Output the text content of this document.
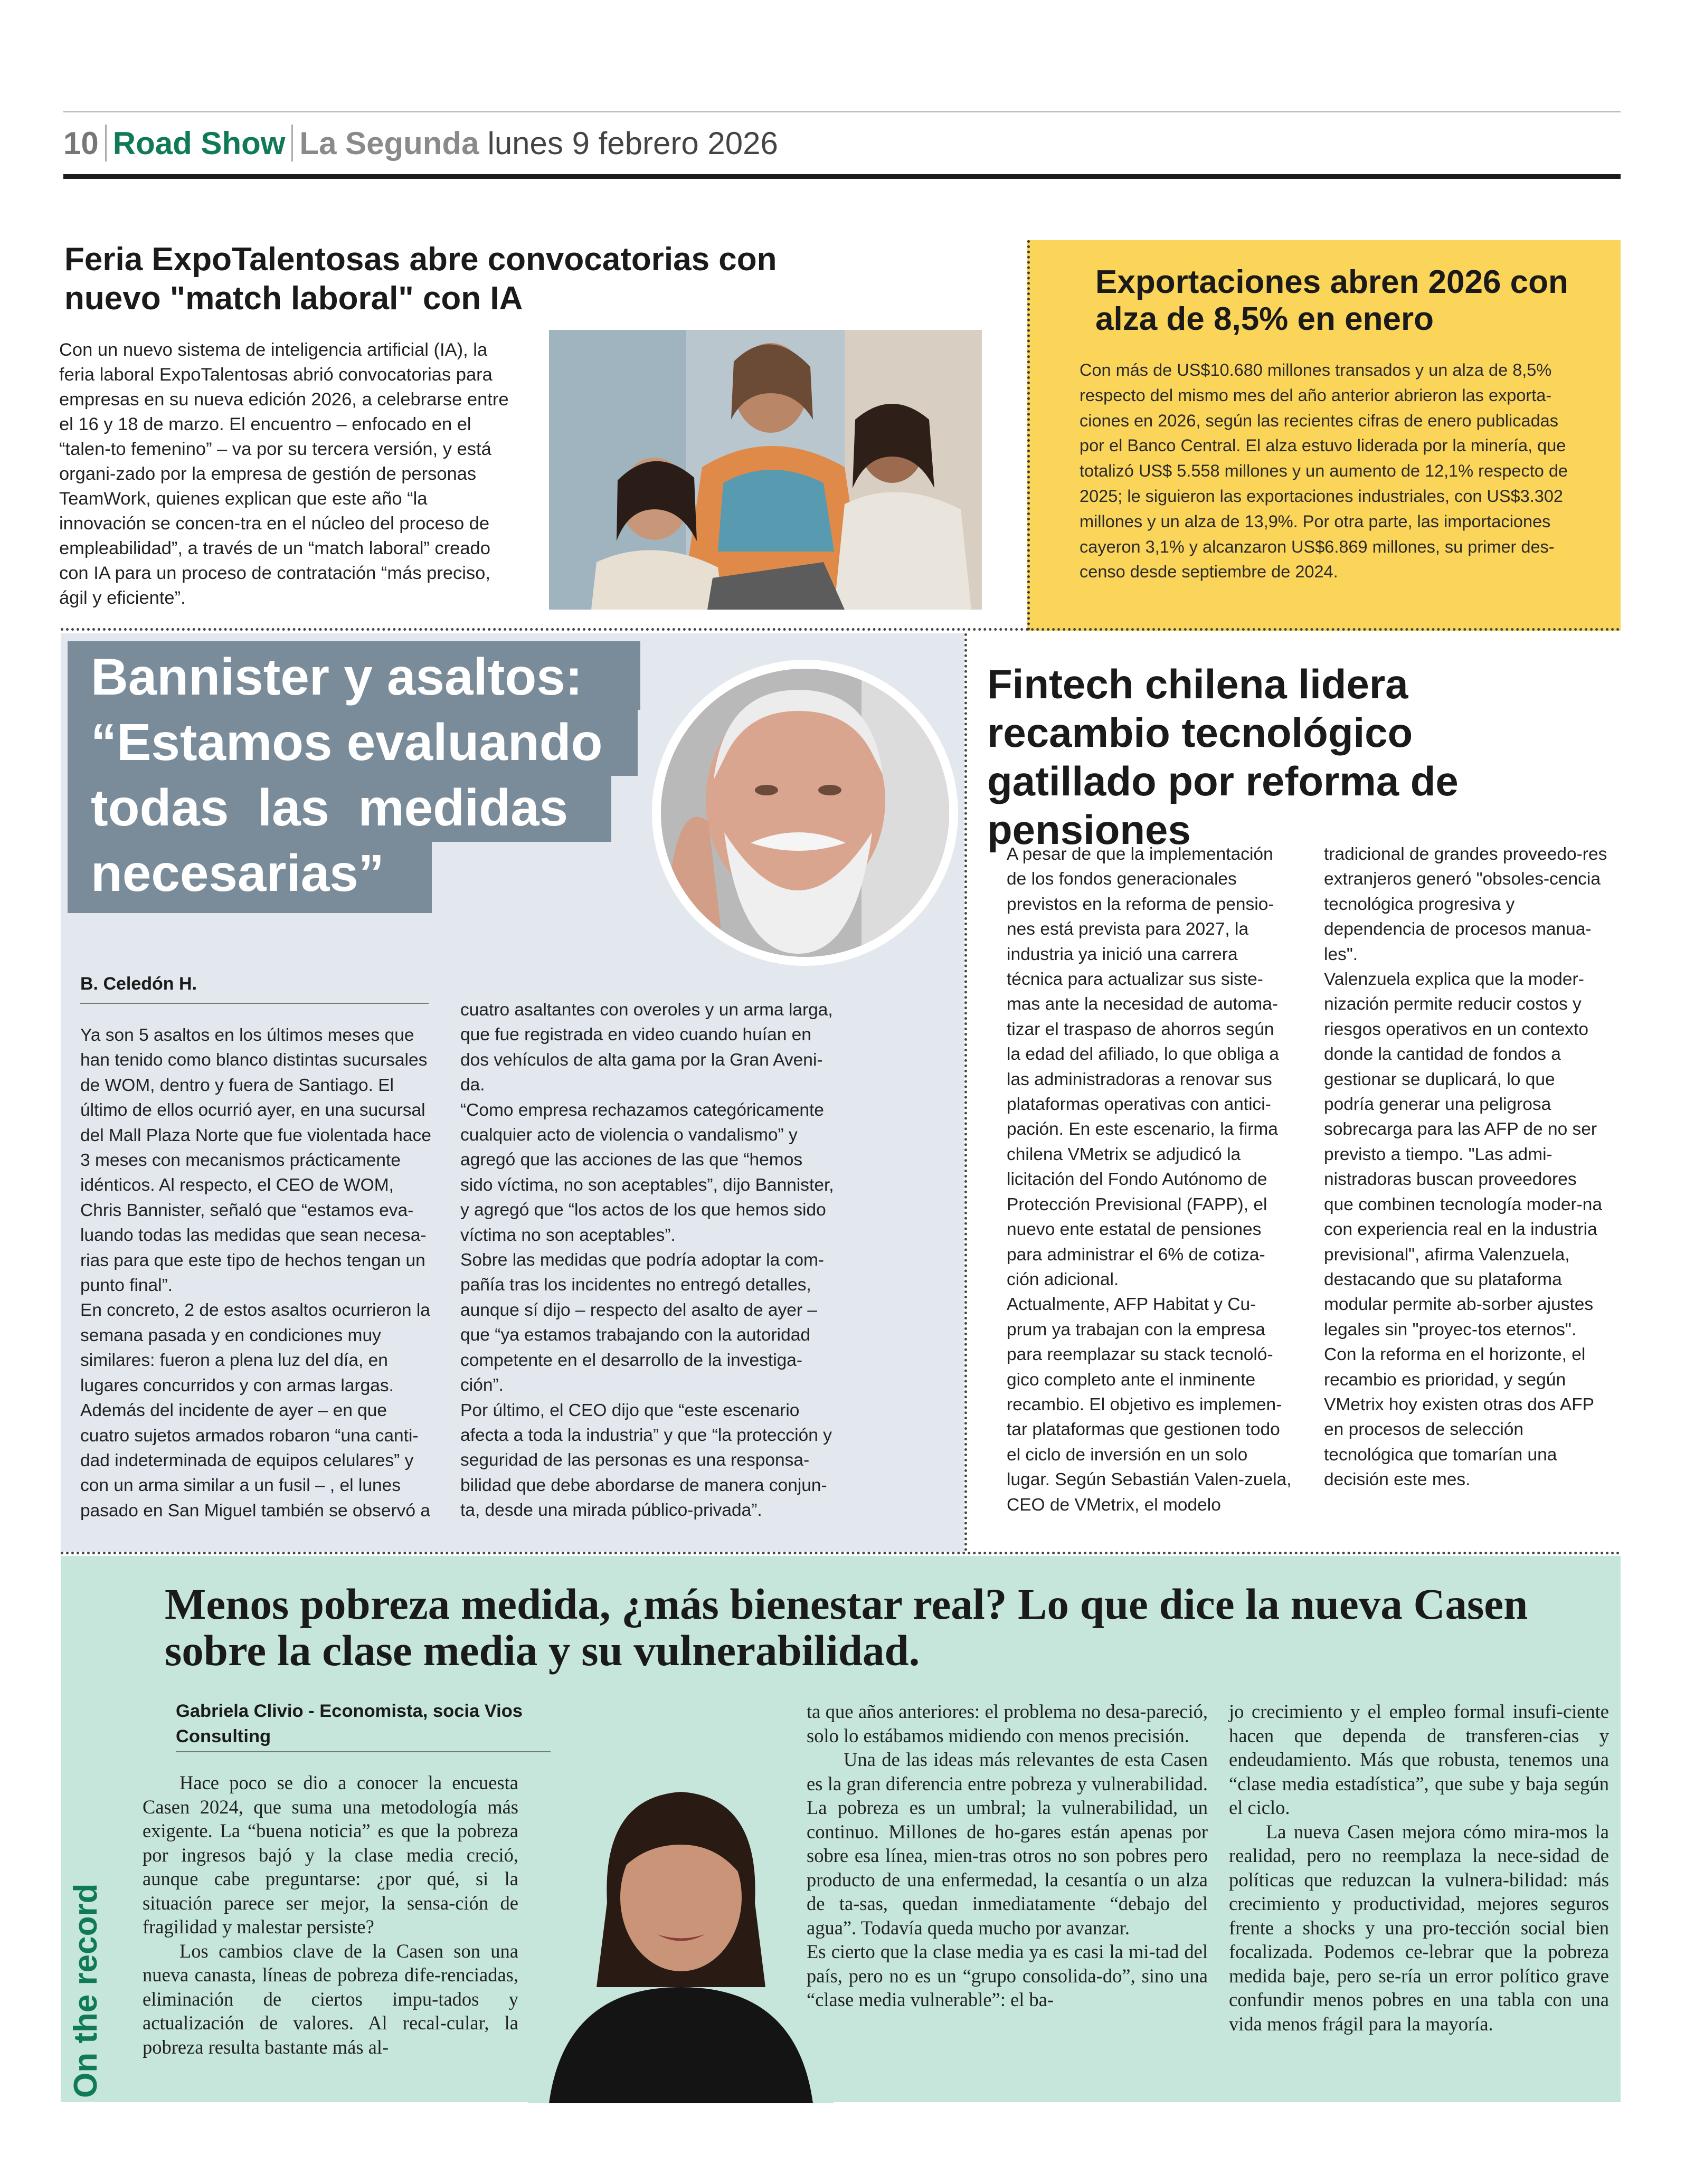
10 Road Show La Segunda lunes 9 febrero 2026
Feria ExpoTalentosas abre convocatorias con nuevo "match laboral" con IA

Con un nuevo sistema de inteligencia artificial (IA), la feria laboral ExpoTalentosas abrió convocatorias para empresas en su nueva edición 2026, a celebrarse entre el 16 y 18 de marzo. El encuentro – enfocado en el “talen-to femenino” – va por su tercera versión, y está organi-zado por la empresa de gestión de personas TeamWork, quienes explican que este año “la innovación se concen-tra en el núcleo del proceso de empleabilidad”, a través de un “match laboral” creado con IA para un proceso de contratación “más preciso, ágil y eficiente”.

Exportaciones abren 2026 con alza de 8,5% en enero

Con más de US$10.680 millones transados y un alza de 8,5% respecto del mismo mes del año anterior abrieron las exporta-ciones en 2026, según las recientes cifras de enero publicadas por el Banco Central. El alza estuvo liderada por la minería, que totalizó US$ 5.558 millones y un aumento de 12,1% respecto de 2025; le siguieron las exportaciones industriales, con US$3.302 millones y un alza de 13,9%. Por otra parte, las importaciones cayeron 3,1% y alcanzaron US$6.869 millones, su primer des-censo desde septiembre de 2024.

Bannister y asaltos:
“Estamos evaluando
todas  las  medidas
necesarias”
B. Celedón H.

Ya son 5 asaltos en los últimos meses que han tenido como blanco distintas sucursales de WOM, dentro y fuera de Santiago. El último de ellos ocurrió ayer, en una sucursal del Mall Plaza Norte que fue violentada hace 3 meses con mecanismos prácticamente idénticos. Al respecto, el CEO de WOM, Chris Bannister, señaló que “estamos eva-luando todas las medidas que sean necesa-rias para que este tipo de hechos tengan un punto final”.

En concreto, 2 de estos asaltos ocurrieron la semana pasada y en condiciones muy similares: fueron a plena luz del día, en lugares concurridos y con armas largas. Además del incidente de ayer – en que cuatro sujetos armados robaron “una canti-dad indeterminada de equipos celulares” y con un arma similar a un fusil – , el lunes pasado en San Miguel también se observó a

cuatro asaltantes con overoles y un arma larga, que fue registrada en video cuando huían en dos vehículos de alta gama por la Gran Aveni-da.

“Como empresa rechazamos categóricamente cualquier acto de violencia o vandalismo” y agregó que las acciones de las que “hemos sido víctima, no son aceptables”, dijo Bannister, y agregó que “los actos de los que hemos sido víctima no son aceptables”.

Sobre las medidas que podría adoptar la com-pañía tras los incidentes no entregó detalles, aunque sí dijo – respecto del asalto de ayer – que “ya estamos trabajando con la autoridad competente en el desarrollo de la investiga-ción”.

Por último, el CEO dijo que “este escenario afecta a toda la industria” y que “la protección y seguridad de las personas es una responsa-bilidad que debe abordarse de manera conjun-ta, desde una mirada público-privada”.

Fintech chilena lidera recambio tecnológico gatillado por reforma de pensiones

A pesar de que la implementación de los fondos generacionales previstos en la reforma de pensio-nes está prevista para 2027, la industria ya inició una carrera técnica para actualizar sus siste-mas ante la necesidad de automa-tizar el traspaso de ahorros según la edad del afiliado, lo que obliga a las administradoras a renovar sus plataformas operativas con antici-pación. En este escenario, la firma chilena VMetrix se adjudicó la licitación del Fondo Autónomo de Protección Previsional (FAPP), el nuevo ente estatal de pensiones para administrar el 6% de cotiza-ción adicional.

Actualmente, AFP Habitat y Cu-prum ya trabajan con la empresa para reemplazar su stack tecnoló-gico completo ante el inminente recambio. El objetivo es implemen-tar plataformas que gestionen todo el ciclo de inversión en un solo lugar. Según Sebastián Valen-zuela, CEO de VMetrix, el modelo

tradicional de grandes proveedo-res extranjeros generó "obsoles-cencia tecnológica progresiva y dependencia de procesos manua-les".

Valenzuela explica que la moder-nización permite reducir costos y riesgos operativos en un contexto donde la cantidad de fondos a gestionar se duplicará, lo que podría generar una peligrosa sobrecarga para las AFP de no ser previsto a tiempo. "Las admi-nistradoras buscan proveedores que combinen tecnología moder-na con experiencia real en la industria previsional", afirma Valenzuela, destacando que su plataforma modular permite ab-sorber ajustes legales sin "proyec-tos eternos".

Con la reforma en el horizonte, el recambio es prioridad, y según VMetrix hoy existen otras dos AFP en procesos de selección tecnológica que tomarían una decisión este mes.

On the record
Menos pobreza medida, ¿más bienestar real? Lo que dice la nueva Casen sobre la clase media y su vulnerabilidad.
Gabriela Clivio - Economista, socia Vios Consulting

Hace poco se dio a conocer la encuesta Casen 2024, que suma una metodología más exigente. La “buena noticia” es que la pobreza por ingresos bajó y la clase media creció, aunque cabe preguntarse: ¿por qué, si la situación parece ser mejor, la sensa-ción de fragilidad y malestar persiste?

Los cambios clave de la Casen son una nueva canasta, líneas de pobreza dife-renciadas, eliminación de ciertos impu-tados y actualización de valores. Al recal-cular, la pobreza resulta bastante más al-

ta que años anteriores: el problema no desa-pareció, solo lo estábamos midiendo con menos precisión.

Una de las ideas más relevantes de esta Casen es la gran diferencia entre pobreza y vulnerabilidad. La pobreza es un umbral; la vulnerabilidad, un continuo. Millones de ho-gares están apenas por sobre esa línea, mien-tras otros no son pobres pero producto de una enfermedad, la cesantía o un alza de ta-sas, quedan inmediatamente “debajo del agua”. Todavía queda mucho por avanzar.

Es cierto que la clase media ya es casi la mi-tad del país, pero no es un “grupo consolida-do”, sino una “clase media vulnerable”: el ba-

jo crecimiento y el empleo formal insufi-ciente hacen que dependa de transferen-cias y endeudamiento. Más que robusta, tenemos una “clase media estadística”, que sube y baja según el ciclo.

La nueva Casen mejora cómo mira-mos la realidad, pero no reemplaza la nece-sidad de políticas que reduzcan la vulnera-bilidad: más crecimiento y productividad, mejores seguros frente a shocks y una pro-tección social bien focalizada. Podemos ce-lebrar que la pobreza medida baje, pero se-ría un error político grave confundir menos pobres en una tabla con una vida menos frágil para la mayoría.
